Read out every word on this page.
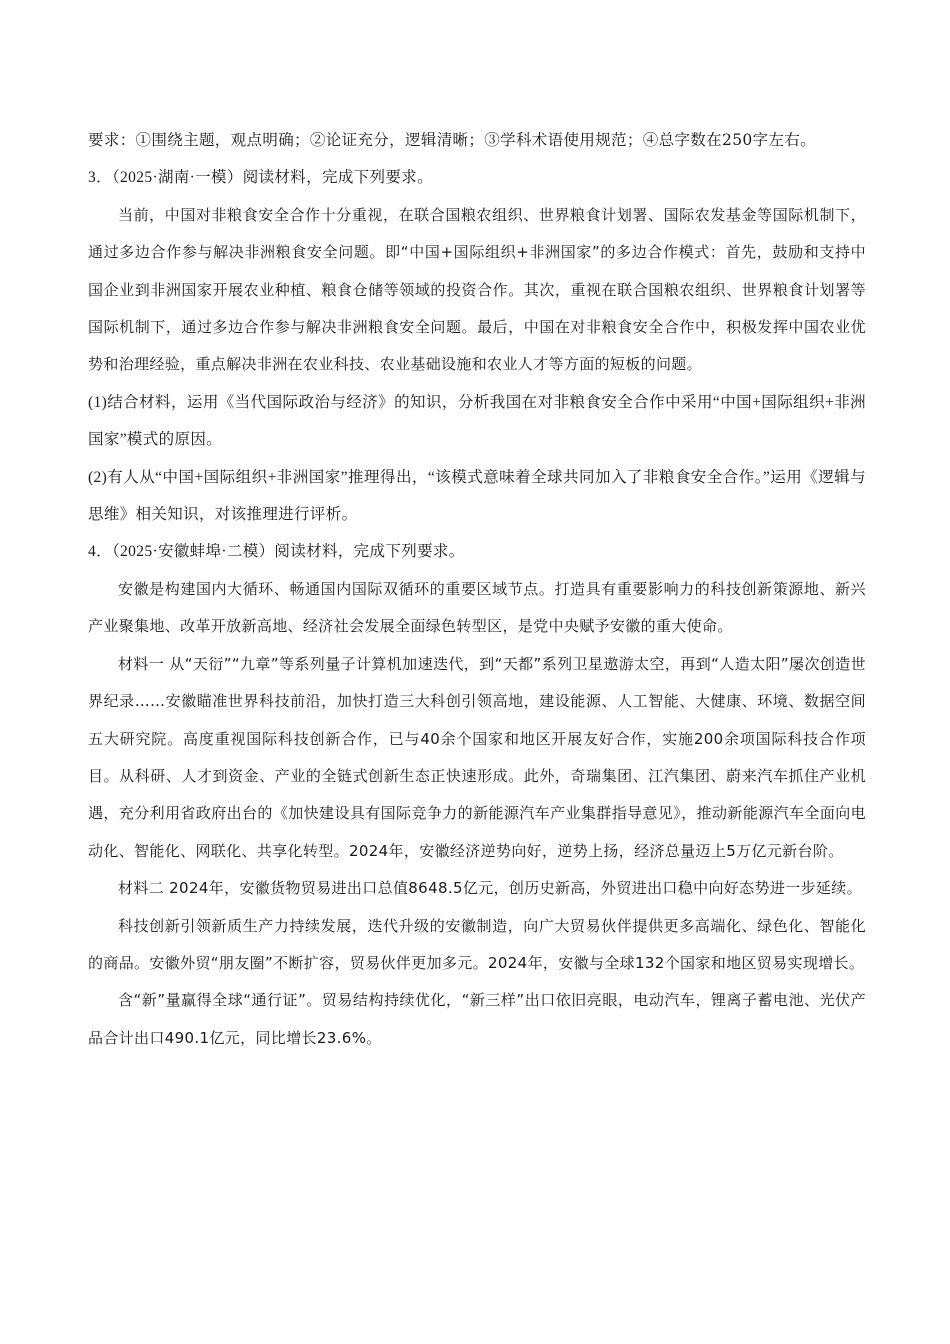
要求：①围绕主题，观点明确；②论证充分，逻辑清晰；③学科术语使用规范；④总字数在250字左右。

3．（2025·湖南·一模）阅读材料，完成下列要求。

当前，中国对非粮食安全合作十分重视，在联合国粮农组织、世界粮食计划署、国际农发基金等国际机制下，通过多边合作参与解决非洲粮食安全问题。即“中国+国际组织+非洲国家”的多边合作模式：首先，鼓励和支持中国企业到非洲国家开展农业种植、粮食仓储等领域的投资合作。其次，重视在联合国粮农组织、世界粮食计划署等国际机制下，通过多边合作参与解决非洲粮食安全问题。最后，中国在对非粮食安全合作中，积极发挥中国农业优势和治理经验，重点解决非洲在农业科技、农业基础设施和农业人才等方面的短板的问题。

(1)结合材料，运用《当代国际政治与经济》的知识，分析我国在对非粮食安全合作中采用“中国+国际组织+非洲国家”模式的原因。

(2)有人从“中国+国际组织+非洲国家”推理得出，“该模式意味着全球共同加入了非粮食安全合作。”运用《逻辑与思维》相关知识，对该推理进行评析。

4．（2025·安徽蚌埠·二模）阅读材料，完成下列要求。

安徽是构建国内大循环、畅通国内国际双循环的重要区域节点。打造具有重要影响力的科技创新策源地、新兴产业聚集地、改革开放新高地、经济社会发展全面绿色转型区，是党中央赋予安徽的重大使命。

材料一 从“天衍”“九章”等系列量子计算机加速迭代，到“天都”系列卫星遨游太空，再到“人造太阳”屡次创造世界纪录……安徽瞄准世界科技前沿，加快打造三大科创引领高地，建设能源、人工智能、大健康、环境、数据空间五大研究院。高度重视国际科技创新合作，已与40余个国家和地区开展友好合作，实施200余项国际科技合作项目。从科研、人才到资金、产业的全链式创新生态正快速形成。此外，奇瑞集团、江汽集团、蔚来汽车抓住产业机遇，充分利用省政府出台的《加快建设具有国际竞争力的新能源汽车产业集群指导意见》，推动新能源汽车全面向电动化、智能化、网联化、共享化转型。2024年，安徽经济逆势向好，逆势上扬，经济总量迈上5万亿元新台阶。

材料二 2024年，安徽货物贸易进出口总值8648.5亿元，创历史新高，外贸进出口稳中向好态势进一步延续。

科技创新引领新质生产力持续发展，迭代升级的安徽制造，向广大贸易伙伴提供更多高端化、绿色化、智能化的商品。安徽外贸“朋友圈”不断扩容，贸易伙伴更加多元。2024年，安徽与全球132个国家和地区贸易实现增长。

含“新”量赢得全球“通行证”。贸易结构持续优化，“新三样”出口依旧亮眼，电动汽车，锂离子蓄电池、光伏产品合计出口490.1亿元，同比增长23.6%。
